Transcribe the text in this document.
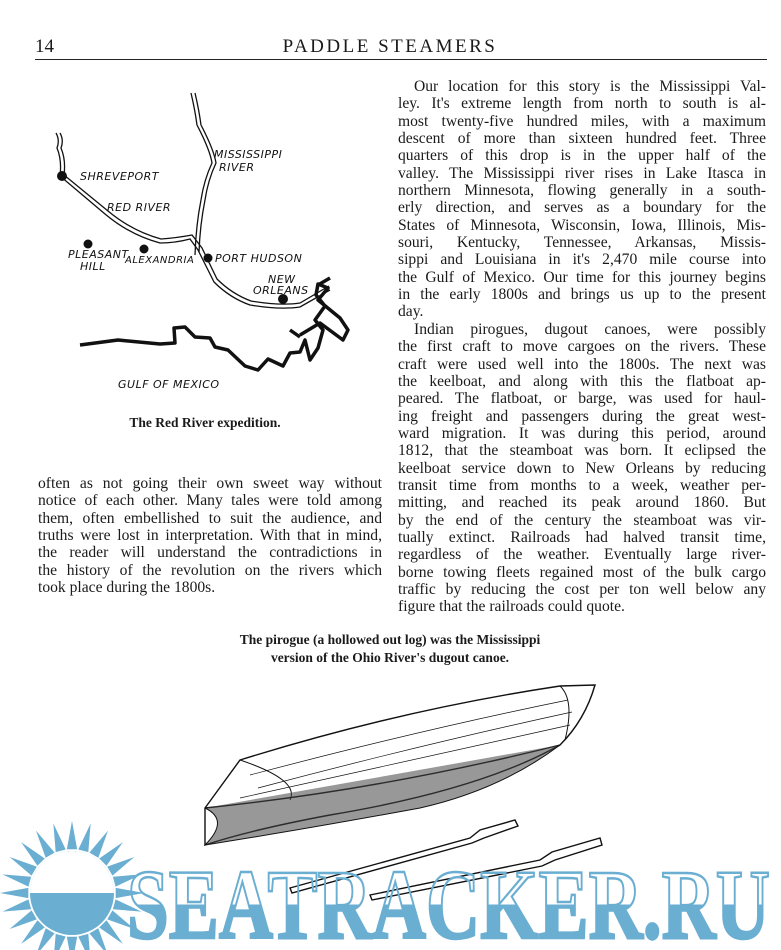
14	PADDLE STEAMERS
SHREVEPORT
RED RIVER
MISSISSIPPI
RIVER
PLEASANT
HILL ALEXANDRIA PORT HUDSON
NEW
ORLEANS
GULF OF MEXICO
SEATRACKER.RU
The Red River expedition.
Our location for this story is the Mississippi Val-
ley. It's extreme length from north to south is al-
most twenty-five hundred miles, with a maximum
descent of more than sixteen hundred feet. Three
quarters of this drop is in the upper half of the
valley. The Mississippi river rises in Lake Itasca in
northern Minnesota, flowing generally in a south-
erly direction, and serves as a boundary for the
States of Minnesota, Wisconsin, Iowa, Illinois, Mis-
souri, Kentucky, Tennessee, Arkansas, Missis-
sippi and Louisiana in it's 2,470 mile course into
the Gulf of Mexico. Our time for this journey begins
in the early 1800s and brings us up to the present
day.
Indian pirogues, dugout canoes, were possibly
the first craft to move cargoes on the rivers. These
craft were used well into the 1800s. The next was
the keelboat, and along with this the flatboat ap-
peared. The flatboat, or barge, was used for haul-
ing freight and passengers during the great west-
ward migration. It was during this period, around
1812, that the steamboat was born. It eclipsed the
keelboat service down to New Orleans by reducing
transit time from months to a week, weather per-
mitting, and reached its peak around 1860. But
by the end of the century the steamboat was vir-
tually extinct. Railroads had halved transit time,
regardless of the weather. Eventually large river-
borne towing fleets regained most of the bulk cargo
traffic by reducing the cost per ton well below any
figure that the railroads could quote.
often as not going their own sweet way without
notice of each other. Many tales were told among
them, often embellished to suit the audience, and
truths were lost in interpretation. With that in mind,
the reader will understand the contradictions in
the history of the revolution on the rivers which
took place during the 1800s.
The pirogue (a hollowed out log) was the Mississippi
version of the Ohio River's dugout canoe.
